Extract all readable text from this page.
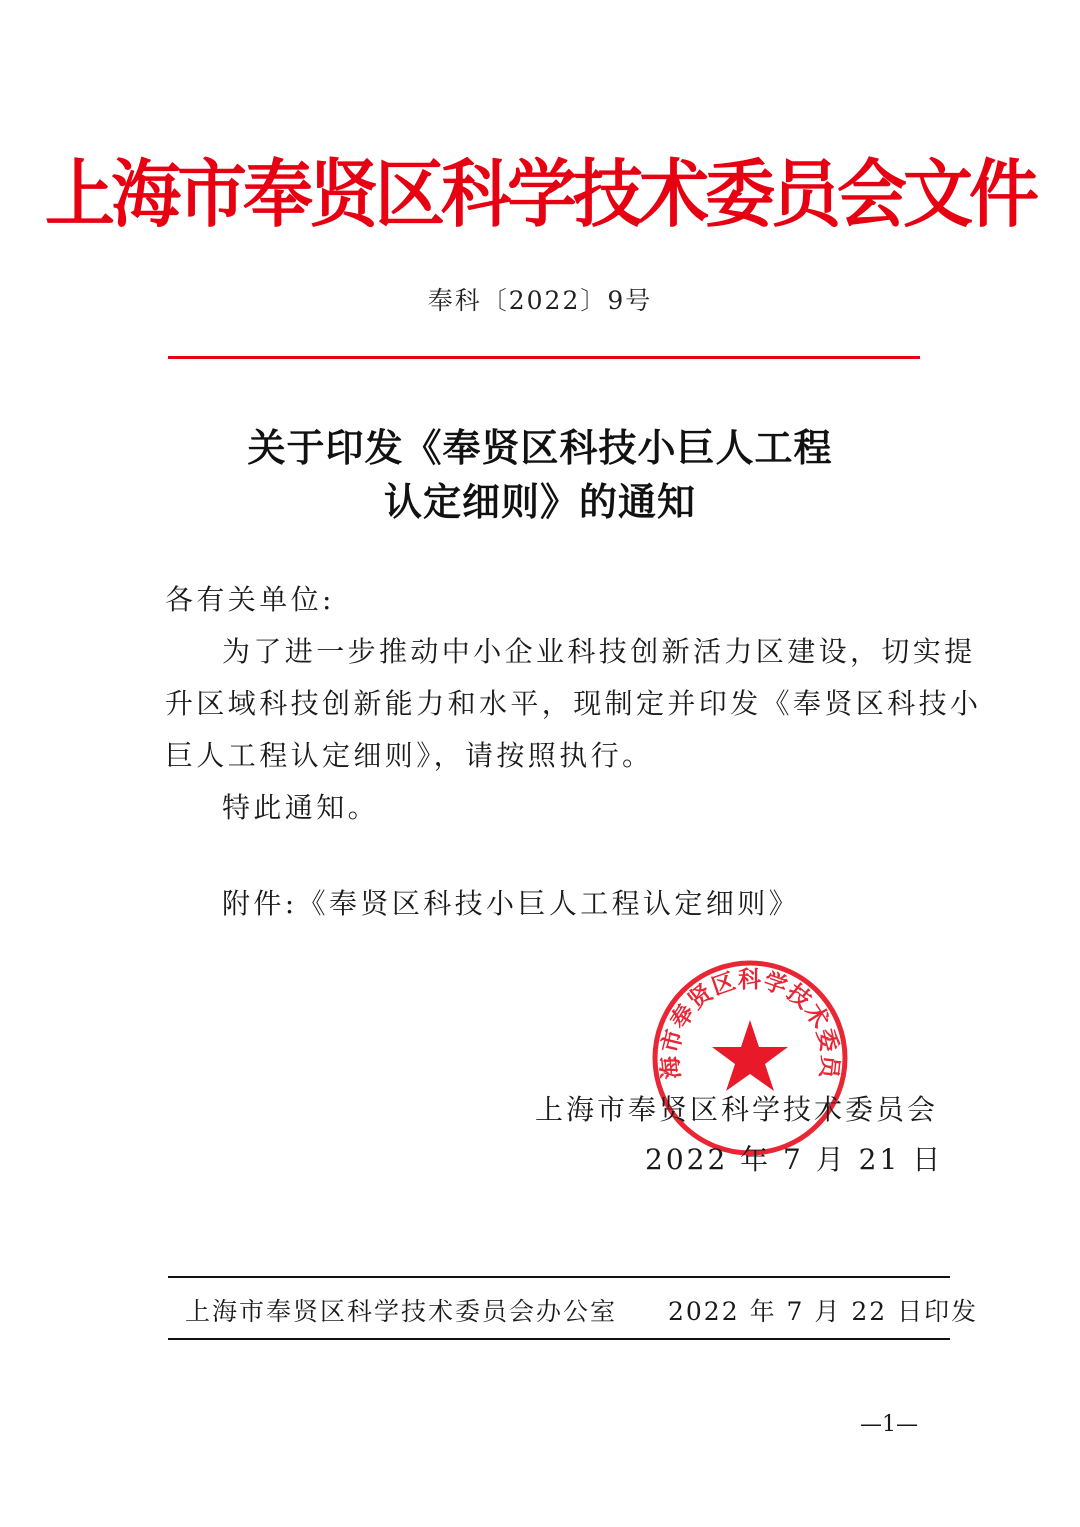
上海市奉贤区科学技术委员会文件
奉科〔2022〕9号
关于印发《奉贤区科技小巨人工程
认定细则》的通知
各有关单位:
为了进一步推动中小企业科技创新活力区建设，切实提
升区域科技创新能力和水平，现制定并印发《奉贤区科技小
巨人工程认定细则》，请按照执行。
特此通知。
附件:《奉贤区科技小巨人工程认定细则》
海市奉贤区科学技术委员
上海市奉贤区科学技术委员会
2022 年 7 月 21 日
上海市奉贤区科学技术委员会办公室 2022 年 7 月 22 日印发
—1—
